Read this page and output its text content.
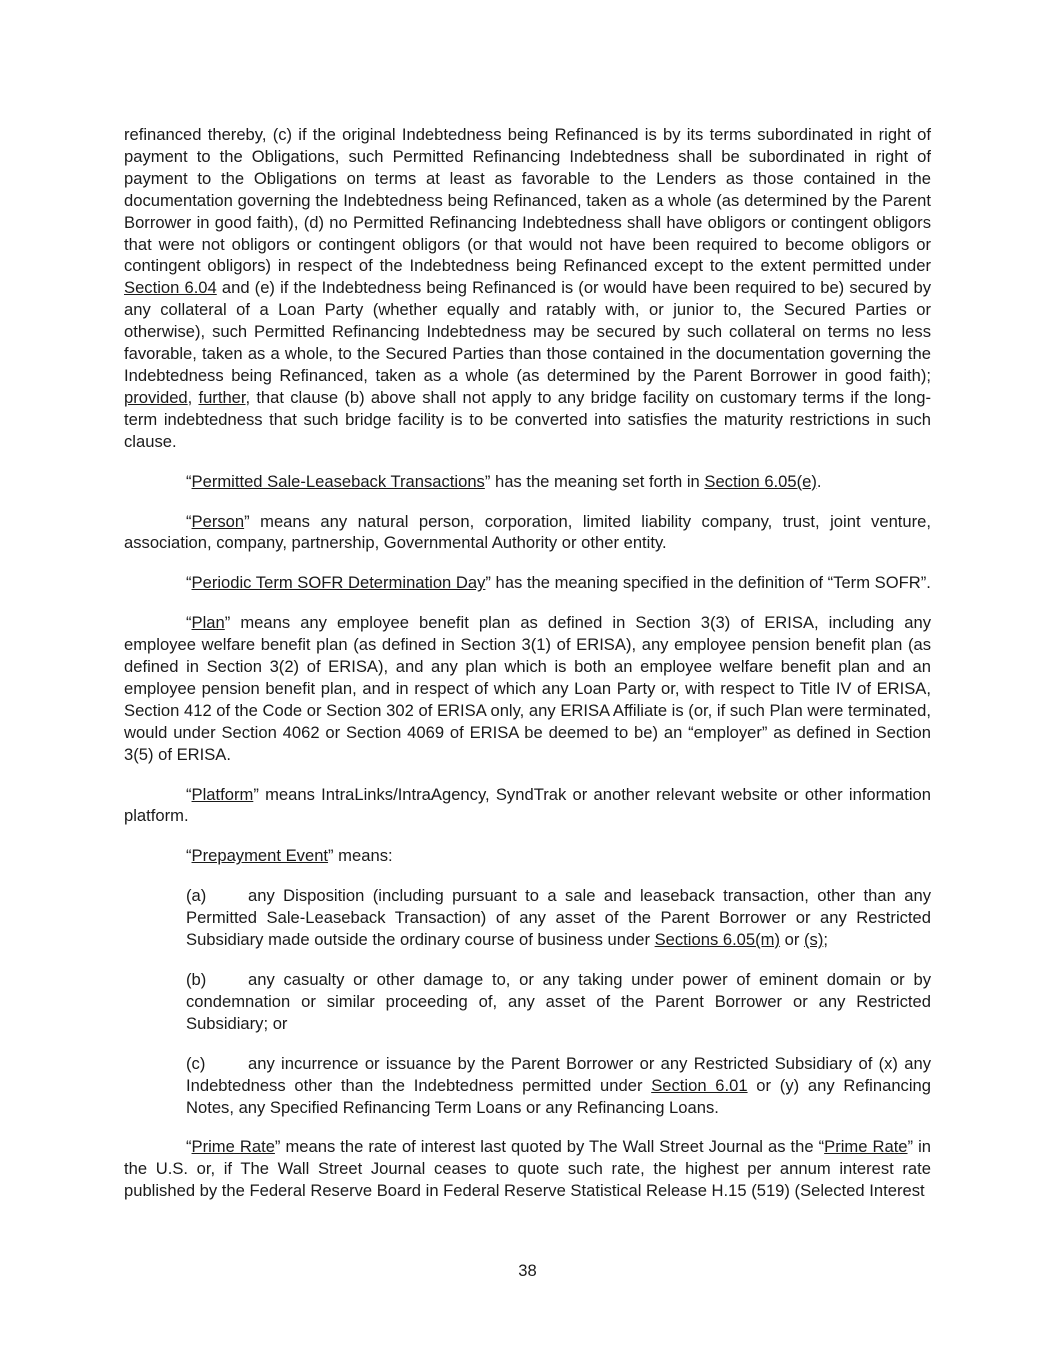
refinanced thereby, (c) if the original Indebtedness being Refinanced is by its terms subordinated in right of payment to the Obligations, such Permitted Refinancing Indebtedness shall be subordinated in right of payment to the Obligations on terms at least as favorable to the Lenders as those contained in the documentation governing the Indebtedness being Refinanced, taken as a whole (as determined by the Parent Borrower in good faith), (d) no Permitted Refinancing Indebtedness shall have obligors or contingent obligors that were not obligors or contingent obligors (or that would not have been required to become obligors or contingent obligors) in respect of the Indebtedness being Refinanced except to the extent permitted under Section 6.04 and (e) if the Indebtedness being Refinanced is (or would have been required to be) secured by any collateral of a Loan Party (whether equally and ratably with, or junior to, the Secured Parties or otherwise), such Permitted Refinancing Indebtedness may be secured by such collateral on terms no less favorable, taken as a whole, to the Secured Parties than those contained in the documentation governing the Indebtedness being Refinanced, taken as a whole (as determined by the Parent Borrower in good faith); provided, further, that clause (b) above shall not apply to any bridge facility on customary terms if the long-term indebtedness that such bridge facility is to be converted into satisfies the maturity restrictions in such clause.

“Permitted Sale-Leaseback Transactions” has the meaning set forth in Section 6.05(e).

“Person” means any natural person, corporation, limited liability company, trust, joint venture, association, company, partnership, Governmental Authority or other entity.

“Periodic Term SOFR Determination Day” has the meaning specified in the definition of “Term SOFR”.

“Plan” means any employee benefit plan as defined in Section 3(3) of ERISA, including any employee welfare benefit plan (as defined in Section 3(1) of ERISA), any employee pension benefit plan (as defined in Section 3(2) of ERISA), and any plan which is both an employee welfare benefit plan and an employee pension benefit plan, and in respect of which any Loan Party or, with respect to Title IV of ERISA, Section 412 of the Code or Section 302 of ERISA only, any ERISA Affiliate is (or, if such Plan were terminated, would under Section 4062 or Section 4069 of ERISA be deemed to be) an “employer” as defined in Section 3(5) of ERISA.

“Platform” means IntraLinks/IntraAgency, SyndTrak or another relevant website or other information platform.

“Prepayment Event” means:

(a)	any Disposition (including pursuant to a sale and leaseback transaction, other than any Permitted Sale-Leaseback Transaction) of any asset of the Parent Borrower or any Restricted Subsidiary made outside the ordinary course of business under Sections 6.05(m) or (s);

(b)	any casualty or other damage to, or any taking under power of eminent domain or by condemnation or similar proceeding of, any asset of the Parent Borrower or any Restricted Subsidiary; or

(c)	any incurrence or issuance by the Parent Borrower or any Restricted Subsidiary of (x) any Indebtedness other than the Indebtedness permitted under Section 6.01 or (y) any Refinancing Notes, any Specified Refinancing Term Loans or any Refinancing Loans.

“Prime Rate” means the rate of interest last quoted by The Wall Street Journal as the “Prime Rate” in the U.S. or, if The Wall Street Journal ceases to quote such rate, the highest per annum interest rate published by the Federal Reserve Board in Federal Reserve Statistical Release H.15 (519) (Selected Interest

38
